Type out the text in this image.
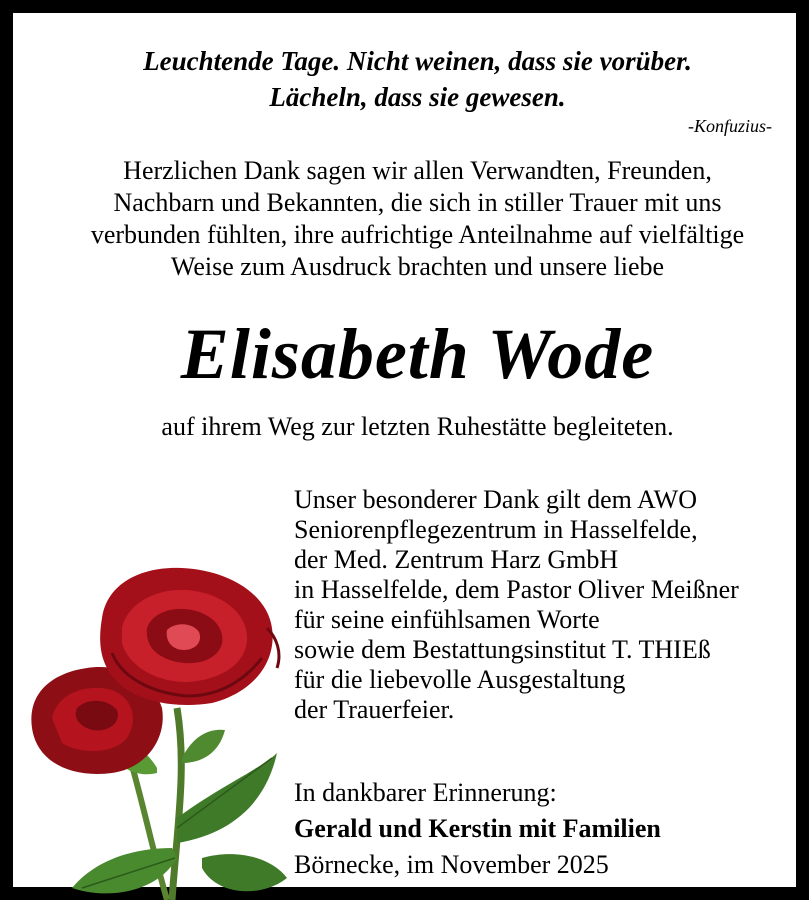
Leuchtende Tage. Nicht weinen, dass sie vorüber.
Lächeln, dass sie gewesen.
-Konfuzius-
Herzlichen Dank sagen wir allen Verwandten, Freunden,
Nachbarn und Bekannten, die sich in stiller Trauer mit uns
verbunden fühlten, ihre aufrichtige Anteilnahme auf vielfältige
Weise zum Ausdruck brachten und unsere liebe
Elisabeth Wode
auf ihrem Weg zur letzten Ruhestätte begleiteten.
Unser besonderer Dank gilt dem AWO
Seniorenpflegezentrum in Hasselfelde,
der Med. Zentrum Harz GmbH
in Hasselfelde, dem Pastor Oliver Meißner
für seine einfühlsamen Worte
sowie dem Bestattungsinstitut T. THIEß
für die liebevolle Ausgestaltung
der Trauerfeier.
In dankbarer Erinnerung:
Gerald und Kerstin mit Familien
Börnecke, im November 2025
